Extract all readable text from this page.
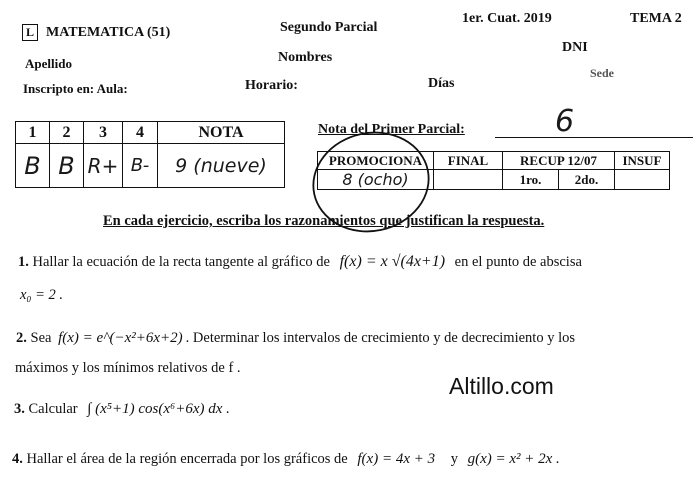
L MATEMATICA (51)	Segundo Parcial
1er. Cuat. 2019	TEMA 2
Apellido	Nombres
DNI
Inscripto en: Aula:	Horario:	Días
Sede
1	2	3	4	NOTA
B	B	R+	B-	9 (nueve)
Nota del Primer Parcial:	6
PROMOCIONA	FINAL	RECUP 12/07		INSUF
8 (ocho)		1ro.	2do.	
En cada ejercicio, escriba los razonamientos que justifican la respuesta.
1. Hallar la ecuación de la recta tangente al gráfico de f(x) = x √(4x+1) en el punto de abscisa
x₀ = 2 .
2. Sea f(x) = e^(−x²+6x+2) . Determinar los intervalos de crecimiento y de decrecimiento y los
máximos y los mínimos relativos de f .
3. Calcular ∫ (x⁵+1) cos(x⁶+6x) dx .
Altillo.com
4. Hallar el área de la región encerrada por los gráficos de f(x) = 4x + 3 y g(x) = x² + 2x .
